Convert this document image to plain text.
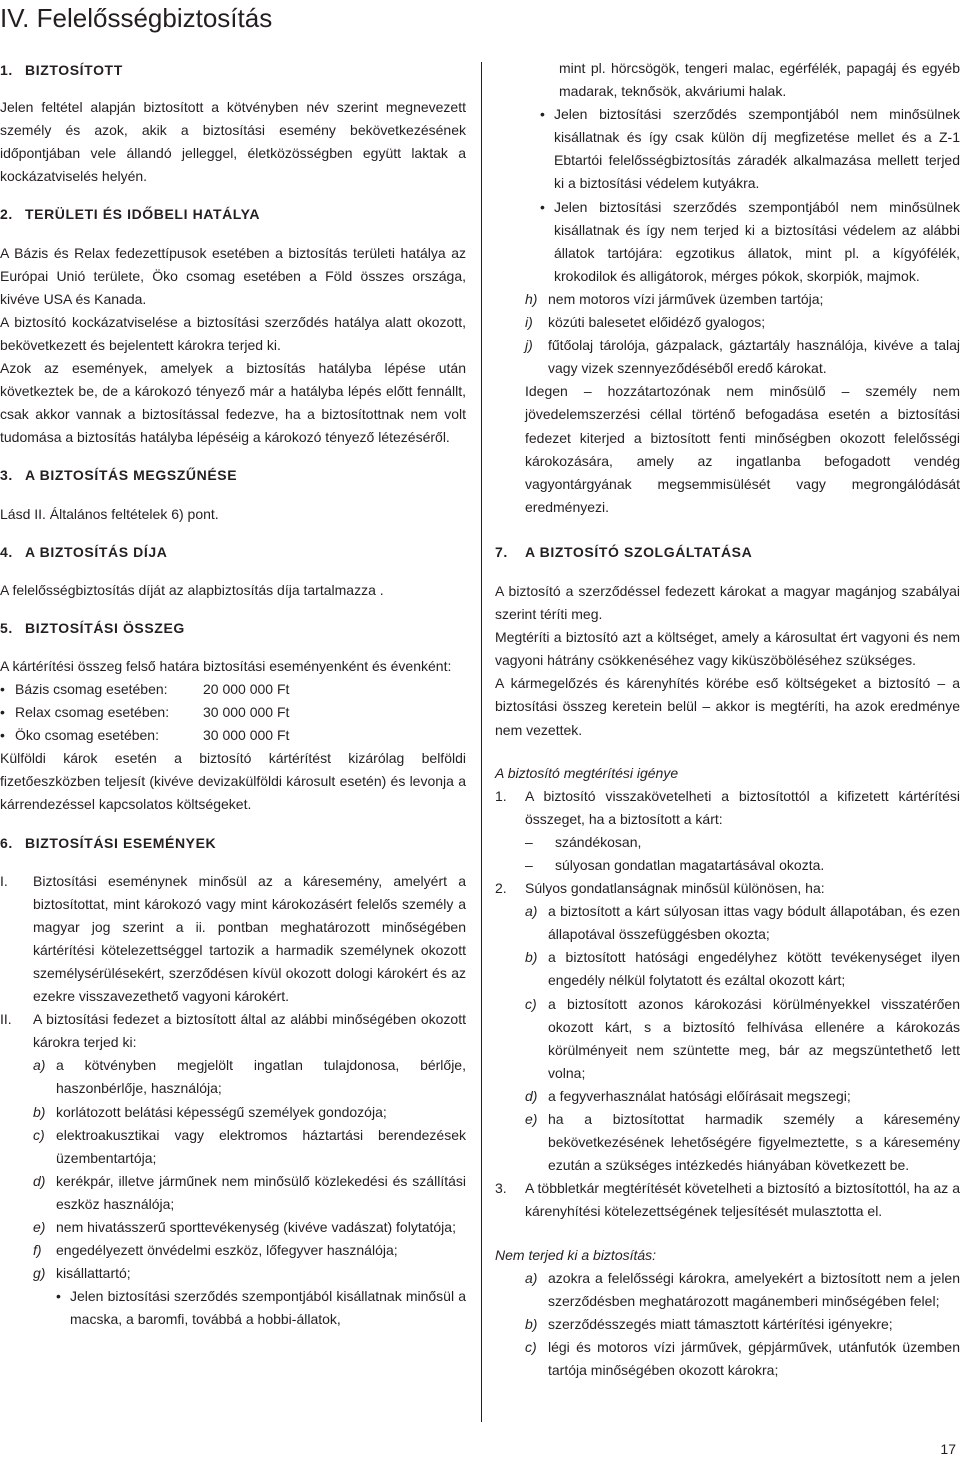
IV. Felelősségbiztosítás
1. BIZTOSÍTOTT

Jelen feltétel alapján biztosított a kötvényben név szerint megnevezett személy és azok, akik a biztosítási esemény bekövetkezésének időpontjában vele állandó jelleggel, életközösségben együtt laktak a kockázatviselés helyén.

2. TERÜLETI ÉS IDŐBELI HATÁLYA

A Bázis és Relax fedezettípusok esetében a biztosítás területi hatálya az Európai Unió területe, Öko csomag esetében a Föld összes országa, kivéve USA és Kanada.

A biztosító kockázatviselése a biztosítási szerződés hatálya alatt okozott, bekövetkezett és bejelentett károkra terjed ki.

Azok az események, amelyek a biztosítás hatályba lépése után következtek be, de a károkozó tényező már a hatályba lépés előtt fennállt, csak akkor vannak a biztosítással fedezve, ha a biztosítottnak nem volt tudomása a biztosítás hatályba lépéséig a károkozó tényező létezéséről.

3. A BIZTOSÍTÁS MEGSZŰNÉSE

Lásd II. Általános feltételek 6) pont.

4. A BIZTOSÍTÁS DÍJA

A felelősségbiztosítás díját az alapbiztosítás díja tartalmazza .

5. BIZTOSÍTÁSI ÖSSZEG

A kártérítési összeg felső határa biztosítási eseményenként és évenként:

• Bázis csomag esetében:	20 000 000 Ft
• Relax csomag esetében:	30 000 000 Ft
• Öko csomag esetében:	30 000 000 Ft

Külföldi károk esetén a biztosító kártérítést kizárólag belföldi fizetőeszközben teljesít (kivéve devizakülföldi károsult esetén) és levonja a kárrendezéssel kapcsolatos költségeket.

6. BIZTOSÍTÁSI ESEMÉNYEK
I.	Biztosítási eseménynek minősül az a káresemény, amelyért a biztosítottat, mint károkozó vagy mint károkozásért felelős személy a magyar jog szerint a ii. pontban meghatározott minőségében kártérítési kötelezettséggel tartozik a harmadik személynek okozott személysérülésekért, szerződésen kívül okozott dologi károkért és az ezekre visszavezethető vagyoni károkért.
II.	A biztosítási fedezet a biztosított által az alábbi minőségében okozott károkra terjed ki:
a) a kötvényben megjelölt ingatlan tulajdonosa, bérlője, haszonbérlője, használója;
b) korlátozott belátási képességű személyek gondozója;
c) elektroakusztikai vagy elektromos háztartási berendezések üzembentartója;
d) kerékpár, illetve járműnek nem minősülő közlekedési és szállítási eszköz használója;
e) nem hivatásszerű sporttevékenység (kivéve vadászat) folytatója;
f)	engedélyezett önvédelmi eszköz, lőfegyver használója;
g) kisállattartó;
• Jelen biztosítási szerződés szempontjából kisállatnak minősül a macska, a baromfi, továbbá a hobbi-állatok,

mint pl. hörcsögök, tengeri malac, egérfélék, papagáj és egyéb madarak, teknősök, akváriumi halak.

• Jelen biztosítási szerződés szempontjából nem minősülnek kisállatnak és így csak külön díj megfizetése mellet és a Z-1 Ebtartói felelősségbiztosítás záradék alkalmazása mellett terjed ki a biztosítási védelem kutyákra.
• Jelen biztosítási szerződés szempontjából nem minősülnek kisállatnak és így nem terjed ki a biztosítási védelem az alábbi állatok tartójára: egzotikus állatok, mint pl. a kígyófélék, krokodilok és alligátorok, mérges pókok, skorpiók, majmok.
h) nem motoros vízi járművek üzemben tartója;
i)	közúti balesetet előidéző gyalogos;
j)	fűtőolaj tárolója, gázpalack, gáztartály használója, kivéve a talaj vagy vizek szennyeződéséből eredő károkat.

Idegen – hozzátartozónak nem minősülő – személy nem jövedelemszerzési céllal történő befogadása esetén a biztosítási fedezet kiterjed a biztosított fenti minőségben okozott felelősségi károkozására, amely az ingatlanba befogadott vendég vagyontárgyának megsemmisülését vagy megrongálódását eredményezi.

7. A BIZTOSÍTÓ SZOLGÁLTATÁSA

A biztosító a szerződéssel fedezett károkat a magyar magánjog szabályai szerint téríti meg.

Megtéríti a biztosító azt a költséget, amely a károsultat ért vagyoni és nem vagyoni hátrány csökkenéséhez vagy kiküszöböléséhez szükséges.

A kármegelőzés és kárenyhítés körébe eső költségeket a biztosító – a biztosítási összeg keretein belül – akkor is megtéríti, ha azok eredménye nem vezettek.

A biztosító megtérítési igénye

1.	A biztosító visszakövetelheti a biztosítottól a kifizetett kártérítési összeget, ha a biztosított a kárt:
–	szándékosan,
–	súlyosan gondatlan magatartásával okozta.
2.	Súlyos gondatlanságnak minősül különösen, ha:
a) a biztosított a kárt súlyosan ittas vagy bódult állapotában, és ezen állapotával összefüggésben okozta;
b) a biztosított hatósági engedélyhez kötött tevékenységet ilyen engedély nélkül folytatott és ezáltal okozott kárt;
c) a biztosított azonos károkozási körülményekkel visszatérően okozott kárt, s a biztosító felhívása ellenére a károkozás körülményeit nem szüntette meg, bár az megszüntethető lett volna;
d) a fegyverhasználat hatósági előírásait megszegi;
e) ha a biztosítottat harmadik személy a káresemény bekövetkezésének lehetőségére figyelmeztette, s a káresemény ezután a szükséges intézkedés hiányában következett be.
3.	A többletkár megtérítését követelheti a biztosító a biztosítottól, ha az a kárenyhítési kötelezettségének teljesítését mulasztotta el.

Nem terjed ki a biztosítás:

a) azokra a felelősségi károkra, amelyekért a biztosított nem a jelen szerződésben meghatározott magánemberi minőségében felel;
b) szerződésszegés miatt támasztott kártérítési igényekre;
c) légi és motoros vízi járművek, gépjárművek, utánfutók üzemben tartója minőségében okozott károkra;
17
